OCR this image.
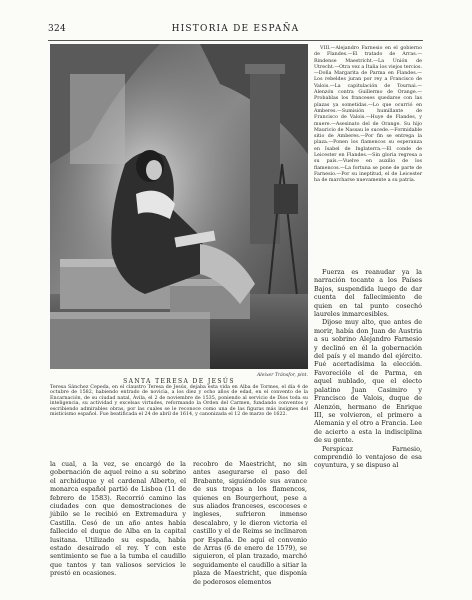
324	HISTORIA DE ESPAÑA
Aleixer Tránsfor, pint.
SANTA TERESA DE JESÚS
Teresa Sánchez Cepeda, en el claustro Teresa de Jesús, dejaba esta vida en Alba de Tormes, el día 4 de octubre de 1582, habiendo entrado de novicia, a los diez y ocho años de edad, en el convento de la Encarnación, de su ciudad natal, Ávila, el 2 de noviembre de 1535, poniendo al servicio de Dios toda su inteligencia, su actividad y excelsas virtudes, reformando la Orden del Carmen, fundando conventos y escribiendo admirables obras, por las cuales se le reconoce como una de las figuras más insignes del misticismo español. Fue beatificada el 24 de abril de 1614, y canonizada el 12 de marzo de 1622.
VIII.—Alejandro Farnesio en el gobierno de Flandes.—El tratado de Arras.—Rindense Maestricht.—La Unión de Utrecht.—Otra vez a Italia los viejos tercios.—Doña Margarita de Parma en Flandes.—Los rebeldes juran por rey a Francisco de Valois.—La capitulación de Tournai.—Alenzón contra Guillermo de Orange.—Probablas los franceses quedarse con las plazas ya sometidas.—Lo que ocurrió en Amberes.—Sumisión humillante de Francisco de Valois.—Huye de Flandes, y muere.—Asesinato del de Orange. Su hijo Mauricio de Nassau le sucede.—Formidable sitio de Amberes.—Por fin se entrega la plaza.—Ponen los flamencos su esperanza en Isabel de Inglaterra.—El conde de Leicester en Flandes.—Sin gloria regresa a su país.—Vuelve en auxilio de los flamencos.—La fortuna se pone de parte de Farnesio.—Por su ineptitud, el de Leicester ha de marcharse nuevamente a su patria.

Fuerza es reanudar ya la narración tocante a los Países Bajos, suspendida luego de dar cuenta del fallecimiento de quien en tal punto cosechó laureles inmarcesibles.

Dijose muy alto, que antes de morir, había don Juan de Austria a su sobrino Alejandro Farnesio y declinó en él la gobernación del país y el mando del ejército. Fué acertadísima la elección. Favorecióle el de Parma, en aquel nublado, que el electo palatino Juan Casimiro y Francisco de Valois, duque de Alenzón, hermano de Enrique III, se volvieron, el primero a Alemania y el otro a Francia. Lee de acierto a esta la indisciplina de su gente.

Perspicaz Farnesio, comprendió lo ventajoso de esa coyuntura, y se dispuso al

la cual, a la vez, se encargó de la gobernación de aquel reino a su sobrino el archiduque y el cardenal Alberto, el monarca español partió de Lisboa (11 de febrero de 1583). Recorrió camino las ciudades con que demostraciones de júbilo se le recibió en Extremadura y Castilla. Cesó de un año antes había fallecido el duque de Alba en la capital lusitana. Utilizado su espada, había estado desairado el rey. Y con este sentimiento se fue a la tumba el caudillo que tantos y tan valiosos servicios le prestó en ocasiones.

recobro de Maestricht, no sin antes asegurarse el paso del Brabante, siguiéndole sus avance de sus tropas a los flamencos, quienes en Bourgerhout, pese a sus aliados franceses, escoceses e ingleses, sufrieron inmenso descalabro, y le dieron victoria el castillo y el de Reims se inclinaron por España. De aquí el convenio de Arras (6 de enero de 1579), se siguieron, el plan trazado, marchó seguidamente el caudillo a sitiar la plaza de Maestricht, que disponía de poderosos elementos
